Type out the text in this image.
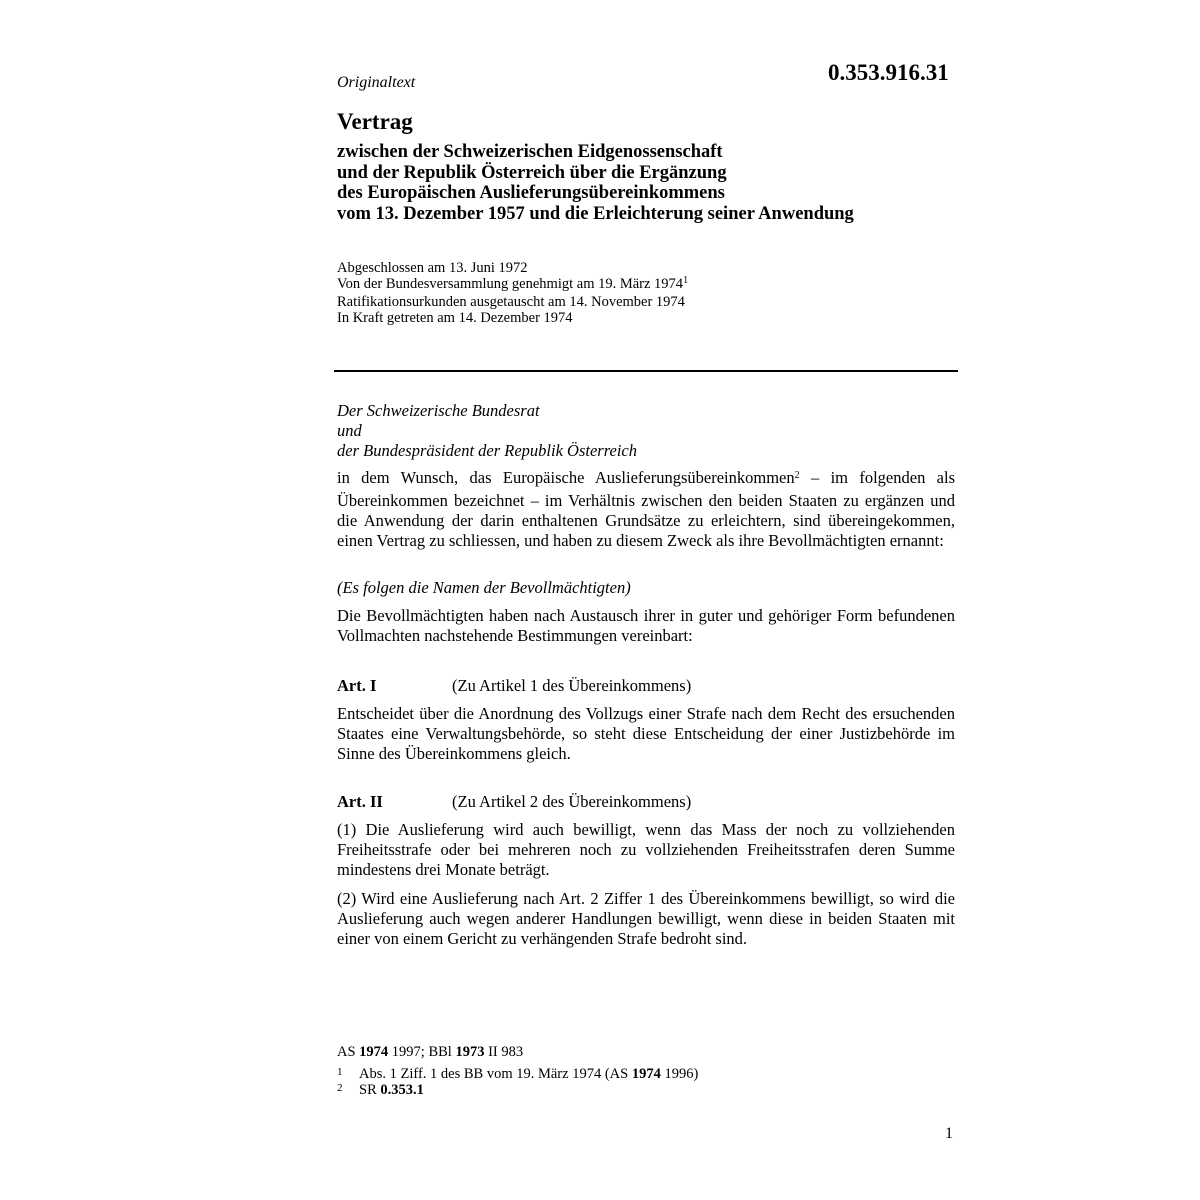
Originaltext	0.353.916.31
Vertrag
zwischen der Schweizerischen Eidgenossenschaft
und der Republik Österreich über die Ergänzung
des Europäischen Auslieferungsübereinkommens
vom 13. Dezember 1957 und die Erleichterung seiner Anwendung
Abgeschlossen am 13. Juni 1972
Von der Bundesversammlung genehmigt am 19. März 1974$^1$
Ratifikationsurkunden ausgetauscht am 14. November 1974
In Kraft getreten am 14. Dezember 1974
Der Schweizerische Bundesrat
und
der Bundespräsident der Republik Österreich

in dem Wunsch, das Europäische Auslieferungsübereinkommen$^2$ – im folgenden als Übereinkommen bezeichnet – im Verhältnis zwischen den beiden Staaten zu ergänzen und die Anwendung der darin enthaltenen Grundsätze zu erleichtern, sind übereingekommen, einen Vertrag zu schliessen, und haben zu diesem Zweck als ihre Bevollmächtigten ernannt:

(Es folgen die Namen der Bevollmächtigten)

Die Bevollmächtigten haben nach Austausch ihrer in guter und gehöriger Form befundenen Vollmachten nachstehende Bestimmungen vereinbart:

Art. I	(Zu Artikel 1 des Übereinkommens)

Entscheidet über die Anordnung des Vollzugs einer Strafe nach dem Recht des ersuchenden Staates eine Verwaltungsbehörde, so steht diese Entscheidung der einer Justizbehörde im Sinne des Übereinkommens gleich.

Art. II	(Zu Artikel 2 des Übereinkommens)

(1) Die Auslieferung wird auch bewilligt, wenn das Mass der noch zu vollziehenden Freiheitsstrafe oder bei mehreren noch zu vollziehenden Freiheitsstrafen deren Summe mindestens drei Monate beträgt.

(2) Wird eine Auslieferung nach Art. 2 Ziffer 1 des Übereinkommens bewilligt, so wird die Auslieferung auch wegen anderer Handlungen bewilligt, wenn diese in beiden Staaten mit einer von einem Gericht zu verhängenden Strafe bedroht sind.

AS 1974 1997; BBl 1973 II 983
1 Abs. 1 Ziff. 1 des BB vom 19. März 1974 (AS 1974 1996)
2 SR 0.353.1
1
